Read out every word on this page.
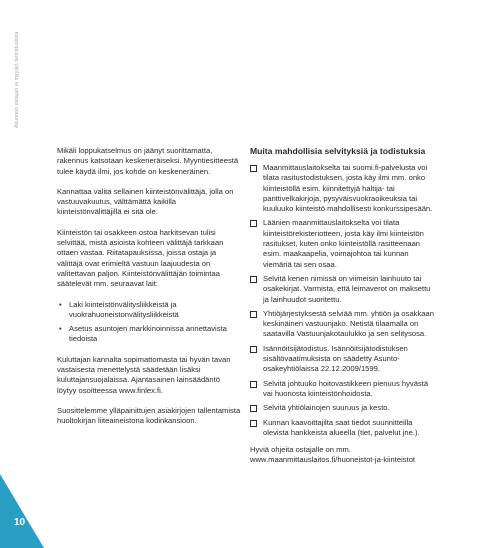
Asunnon ostajan ja myyjän tarkistuslista

Mikäli loppukatselmus on jäänyt suorittamatta, rakennus katsotaan keskeneräiseksi. Myyntiesitteestä tulee käydä ilmi, jos kohde on keskeneräinen.

Kannattaa valita sellainen kiinteistönvälittäjä, jolla on vastuuvakuutus, välttämättä kaikilla kiinteistönvälittäjillä ei sitä ole.

Kiinteistön tai osakkeen ostoa harkitsevan tulisi selvittää, mistä asioista kohteen välittäjä tarkkaan ottaen vastaa. Riitatapauksissa, joissa ostaja ja välittäjä ovat erimieltä vastuun laajuudesta on valitettavan paljon. Kiinteistönvälittäjän toimintaa säätelevät mm. seuraavat lait:

• Laki kiinteistönvälitysliikkeistä ja vuokrahuoneistonvälitysliikkeistä
• Asetus asuntojen markkinoinnissa annettavista tiedoista

Kuluttajan kannalta sopimattomasta tai hyvän tavan vastaisesta menettelystä säädetään lisäksi kuluttajansuojalaissa. Ajantasainen lainsäädäntö löytyy osoitteessa www.finlex.fi.

Suosittelemme ylläpainittujen asiakirjojen tallentamista huoltokirjan liiteaineistona kodinkansioon.

Muita mahdollisia selvityksiä ja todistuksia
Maanmittauslaitokselta tai suomi.fi-palvelusta voi tilata rasitustodistuksen, josta käy ilmi mm. onko kiinteistöllä esim. kiinnitettyjä haltija- tai panttivelkakirjoja, pysyväisvuokraoikeuksia tai kuuluuko kiinteistö mahdollisesti konkurssipesään.
Läänien maanmittauslaitokselta voi tilata kiinteistörekisteriotteen, josta käy ilmi kiinteistön rasitukset, kuten onko kiinteistöllä rasitteenaan esim. maakaapelia, voimajohtoa tai kunnan viemäriä tai sen osaa.
Selvitä kenen nimissä on viimeisin lainhuuto tai osakekirjat. Varmista, että leimaverot on maksettu ja lainhuudot suoritettu.
Yhtiöjärjestyksestä selviää mm. yhtiön ja osakkaan keskinäinen vastuunjako. Netistä tilaamalla on saatavilla Vastuunjakotaulukko ja sen selitysosa.
Isännöitsijätodistus. Isännöitsijätodistuksen sisältövaatimuksista on säädetty Asunto-osakeyhtiölaissa 22.12.2009/1599.
Selvitä johtuuko hoitovastikkeen pienuus hyvästä vai huonosta kiinteistönhoidosta.
Selvitä yhtiölainojen suuruus ja kesto.
Kunnan kaavoittajilta saat tiedot suunnitteilla olevista hankkeista alueella (tiet, palvelut jne.).

Hyviä ohjeita ostajalle on mm. www.maanmittauslaitos.fi/huoneistot-ja-kiinteistot

10
